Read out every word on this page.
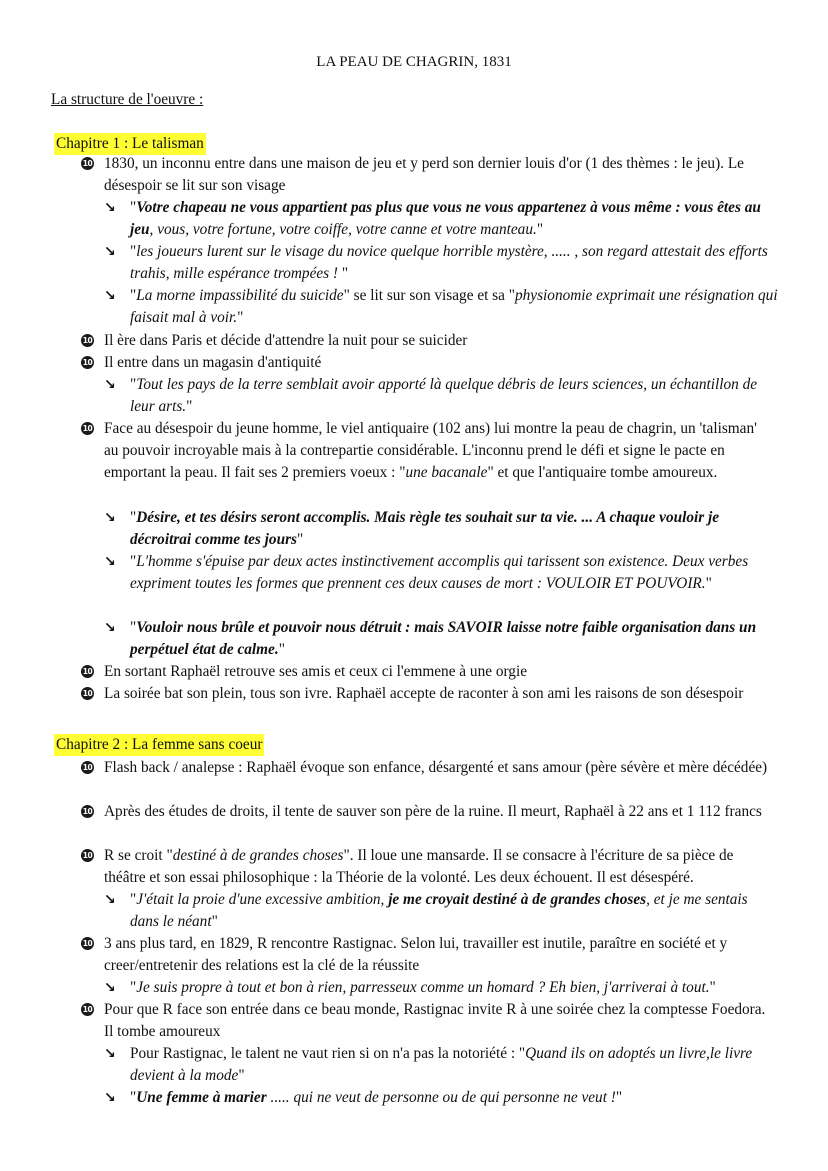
LA PEAU DE CHAGRIN, 1831
La structure de l'oeuvre :
Chapitre 1 : Le talisman
10 1830, un inconnu entre dans une maison de jeu et y perd son dernier louis d'or (1 des thèmes : le jeu). Le désespoir se lit sur son visage
↘ "Votre chapeau ne vous appartient pas plus que vous ne vous appartenez à vous même : vous êtes au jeu, vous, votre fortune, votre coiffe, votre canne et votre manteau."
↘ "les joueurs lurent sur le visage du novice quelque horrible mystère, ..... , son regard attestait des efforts trahis, mille espérance trompées ! "
↘ "La morne impassibilité du suicide" se lit sur son visage et sa "physionomie exprimait une résignation qui faisait mal à voir."
10 Il ère dans Paris et décide d'attendre la nuit pour se suicider
10 Il entre dans un magasin d'antiquité
↘ "Tout les pays de la terre semblait avoir apporté là quelque débris de leurs sciences, un échantillon de leur arts."
10 Face au désespoir du jeune homme, le viel antiquaire (102 ans) lui montre la peau de chagrin, un 'talisman' au pouvoir incroyable mais à la contrepartie considérable. L'inconnu prend le défi et signe le pacte en emportant la peau. Il fait ses 2 premiers voeux : "une bacanale" et que l'antiquaire tombe amoureux.
↘ "Désire, et tes désirs seront accomplis. Mais règle tes souhait sur ta vie. ... A chaque vouloir je décroitrai comme tes jours"
↘ "L'homme s'épuise par deux actes instinctivement accomplis qui tarissent son existence. Deux verbes expriment toutes les formes que prennent ces deux causes de mort : VOULOIR ET POUVOIR."
↘ "Vouloir nous brûle et pouvoir nous détruit : mais SAVOIR laisse notre faible organisation dans un perpétuel état de calme."
10 En sortant Raphaël retrouve ses amis et ceux ci l'emmene à une orgie
10 La soirée bat son plein, tous son ivre. Raphaël accepte de raconter à son ami les raisons de son désespoir
Chapitre 2 : La femme sans coeur
10 Flash back / analepse : Raphaël évoque son enfance, désargenté et sans amour (père sévère et mère décédée)
10 Après des études de droits, il tente de sauver son père de la ruine. Il meurt, Raphaël à 22 ans et 1 112 francs
10 R se croit "destiné à de grandes choses". Il loue une mansarde. Il se consacre à l'écriture de sa pièce de théâtre et son essai philosophique : la Théorie de la volonté. Les deux échouent. Il est désespéré.
↘ "J'était la proie d'une excessive ambition, je me croyait destiné à de grandes choses, et je me sentais dans le néant"
10 3 ans plus tard, en 1829, R rencontre Rastignac. Selon lui, travailler est inutile, paraître en société et y creer/entretenir des relations est la clé de la réussite
↘ "Je suis propre à tout et bon à rien, parresseux comme un homard ? Eh bien, j'arriverai à tout."
10 Pour que R face son entrée dans ce beau monde, Rastignac invite R à une soirée chez la comptesse Foedora. Il tombe amoureux
↘ Pour Rastignac, le talent ne vaut rien si on n'a pas la notoriété : "Quand ils on adoptés un livre,le livre devient à la mode"
↘ "Une femme à marier ..... qui ne veut de personne ou de qui personne ne veut !"
